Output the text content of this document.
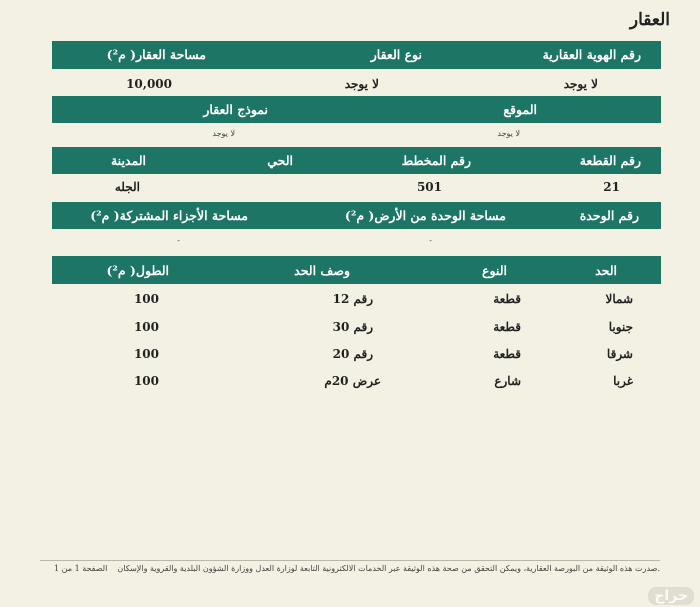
العقار
رقم الهوية العقارية
نوع العقار
مساحة العقار( م²)
لا يوجد
لا يوجد
10,000
الموقع
نموذج العقار
لا يوجد
لا يوجد
رقم القطعة
رقم المخطط
الحي
المدينة
21
501
الجله
رقم الوحدة
مساحة الوحدة من الأرض( م²)
مساحة الأجزاء المشتركة( م²)
-
-
الحد
النوع
وصف الحد
الطول( م²)
شمالا
قطعة
رقم 12
100
جنوبا
قطعة
رقم 30
100
شرقا
قطعة
رقم 20
100
غربا
شارع
عرض 20م
100
صدرت هذه الوثيقة من البورصة العقارية، ويمكن التحقق من صحة هذه الوثيقة عبر الخدمات الالكترونية التابعة لوزارة العدل ووزارة الشؤون البلدية والقروية والإسكان.
الصفحة 1 من 1
حراج
